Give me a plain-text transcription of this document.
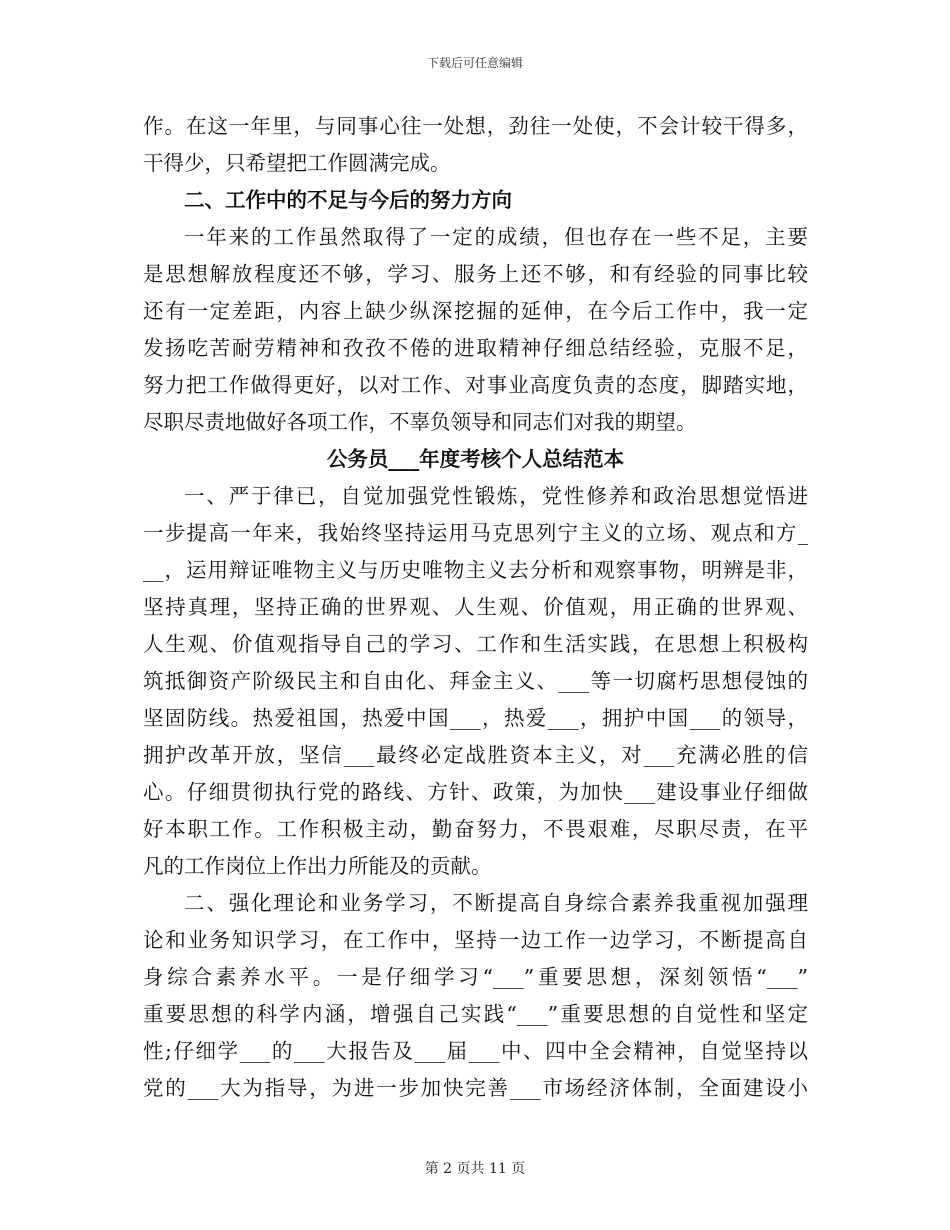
下载后可任意编辑
作。在这一年里，与同事心往一处想，劲往一处使，不会计较干得多，
干得少，只希望把工作圆满完成。
二、工作中的不足与今后的努力方向
一年来的工作虽然取得了一定的成绩，但也存在一些不足，主要
是思想解放程度还不够，学习、服务上还不够，和有经验的同事比较
还有一定差距，内容上缺少纵深挖掘的延伸，在今后工作中，我一定
发扬吃苦耐劳精神和孜孜不倦的进取精神仔细总结经验，克服不足，
努力把工作做得更好，以对工作、对事业高度负责的态度，脚踏实地，
尽职尽责地做好各项工作，不辜负领导和同志们对我的期望。
公务员___年度考核个人总结范本
一、严于律已，自觉加强党性锻炼，党性修养和政治思想觉悟进
一步提高一年来，我始终坚持运用马克思列宁主义的立场、观点和方_
__，运用辩证唯物主义与历史唯物主义去分析和观察事物，明辨是非，
坚持真理，坚持正确的世界观、人生观、价值观，用正确的世界观、
人生观、价值观指导自己的学习、工作和生活实践，在思想上积极构
筑抵御资产阶级民主和自由化、拜金主义、___等一切腐朽思想侵蚀的
坚固防线。热爱祖国，热爱中国___，热爱___，拥护中国___的领导，
拥护改革开放，坚信___最终必定战胜资本主义，对___充满必胜的信
心。仔细贯彻执行党的路线、方针、政策，为加快___建设事业仔细做
好本职工作。工作积极主动，勤奋努力，不畏艰难，尽职尽责，在平
凡的工作岗位上作出力所能及的贡献。
二、强化理论和业务学习，不断提高自身综合素养我重视加强理
论和业务知识学习，在工作中，坚持一边工作一边学习，不断提高自
身综合素养水平。一是仔细学习“___”重要思想，深刻领悟“___”
重要思想的科学内涵，增强自己实践“___”重要思想的自觉性和坚定
性;仔细学___的___大报告及___届___中、四中全会精神，自觉坚持以
党的___大为指导，为进一步加快完善___市场经济体制，全面建设小
第 2 页共 11 页
